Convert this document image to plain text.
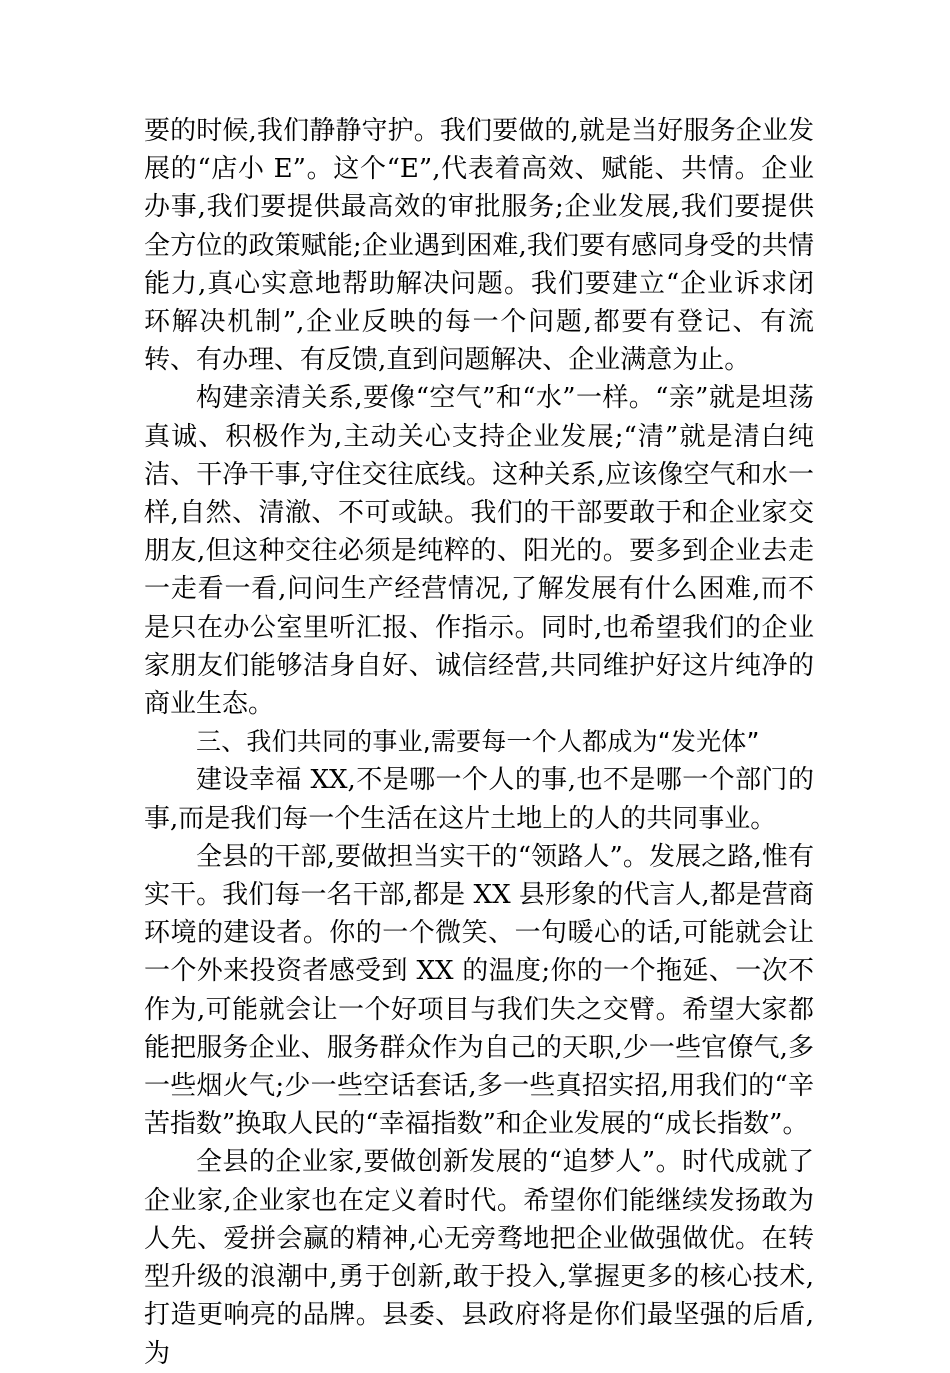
要的时候,我们静静守护。我们要做的,就是当好服务企业发展的“店小 E”。这个“E”,代表着高效、赋能、共情。企业办事,我们要提供最高效的审批服务;企业发展,我们要提供全方位的政策赋能;企业遇到困难,我们要有感同身受的共情能力,真心实意地帮助解决问题。我们要建立“企业诉求闭环解决机制”,企业反映的每一个问题,都要有登记、有流转、有办理、有反馈,直到问题解决、企业满意为止。

构建亲清关系,要像“空气”和“水”一样。“亲”就是坦荡真诚、积极作为,主动关心支持企业发展;“清”就是清白纯洁、干净干事,守住交往底线。这种关系,应该像空气和水一样,自然、清澈、不可或缺。我们的干部要敢于和企业家交朋友,但这种交往必须是纯粹的、阳光的。要多到企业去走一走看一看,问问生产经营情况,了解发展有什么困难,而不是只在办公室里听汇报、作指示。同时,也希望我们的企业家朋友们能够洁身自好、诚信经营,共同维护好这片纯净的商业生态。

三、我们共同的事业,需要每一个人都成为“发光体”

建设幸福 XX,不是哪一个人的事,也不是哪一个部门的事,而是我们每一个生活在这片土地上的人的共同事业。

全县的干部,要做担当实干的“领路人”。发展之路,惟有实干。我们每一名干部,都是 XX 县形象的代言人,都是营商环境的建设者。你的一个微笑、一句暖心的话,可能就会让一个外来投资者感受到 XX 的温度;你的一个拖延、一次不作为,可能就会让一个好项目与我们失之交臂。希望大家都能把服务企业、服务群众作为自己的天职,少一些官僚气,多一些烟火气;少一些空话套话,多一些真招实招,用我们的“辛苦指数”换取人民的“幸福指数”和企业发展的“成长指数”。

全县的企业家,要做创新发展的“追梦人”。时代成就了企业家,企业家也在定义着时代。希望你们能继续发扬敢为人先、爱拼会赢的精神,心无旁骛地把企业做强做优。在转型升级的浪潮中,勇于创新,敢于投入,掌握更多的核心技术,打造更响亮的品牌。县委、县政府将是你们最坚强的后盾,为
